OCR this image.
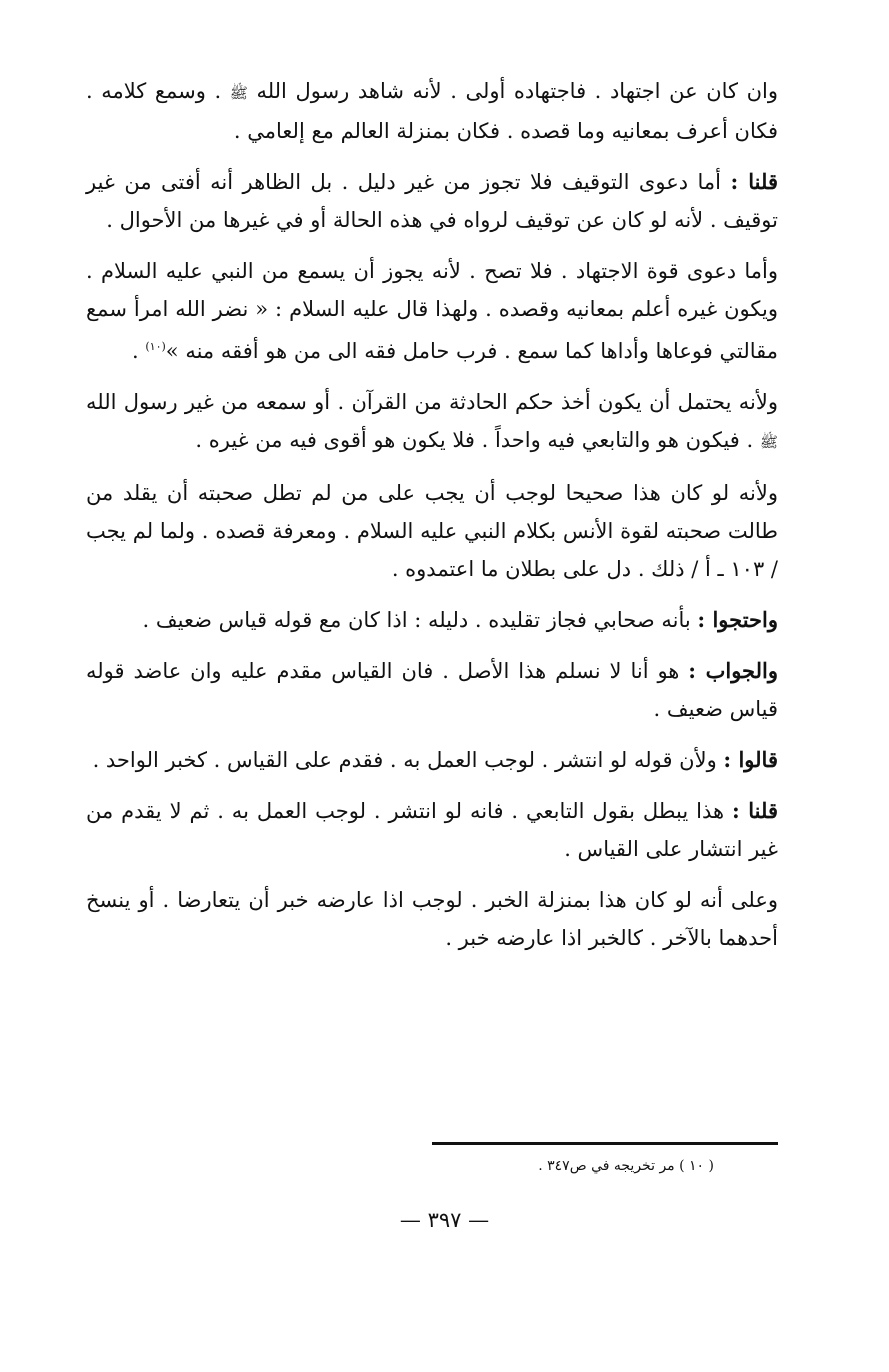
وان كان عن اجتهاد . فاجتهاده أولى . لأنه شاهد رسول الله ﷺ . وسمع كلامه . فكان أعرف بمعانيه وما قصده . فكان بمنزلة العالم مع إلعامي .

قلنا : أما دعوى التوقيف فلا تجوز من غير دليل . بل الظاهر أنه أفتى من غير توقيف . لأنه لو كان عن توقيف لرواه في هذه الحالة أو في غيرها من الأحوال .

وأما دعوى قوة الاجتهاد . فلا تصح . لأنه يجوز أن يسمع من النبي عليه السلام . ويكون غيره أعلم بمعانيه وقصده . ولهذا قال عليه السلام : « نضر الله امرأ سمع مقالتي فوعاها وأداها كما سمع . فرب حامل فقه الى من هو أفقه منه »$^{(١٠)}$ .

ولأنه يحتمل أن يكون أخذ حكم الحادثة من القرآن . أو سمعه من غير رسول الله ﷺ . فيكون هو والتابعي فيه واحداً . فلا يكون هو أقوى فيه من غيره .

ولأنه لو كان هذا صحيحا لوجب أن يجب على من لم تطل صحبته أن يقلد من طالت صحبته لقوة الأنس بكلام النبي عليه السلام . ومعرفة قصده . ولما لم يجب / ١٠٣ ـ أ / ذلك . دل على بطلان ما اعتمدوه .

واحتجوا : بأنه صحابي فجاز تقليده . دليله : اذا كان مع قوله قياس ضعيف .

والجواب : هو أنا لا نسلم هذا الأصل . فان القياس مقدم عليه وان عاضد قوله قياس ضعيف .

قالوا : ولأن قوله لو انتشر . لوجب العمل به . فقدم على القياس . كخبر الواحد .

قلنا : هذا يبطل بقول التابعي . فانه لو انتشر . لوجب العمل به . ثم لا يقدم من غير انتشار على القياس .

وعلى أنه لو كان هذا بمنزلة الخبر . لوجب اذا عارضه خبر أن يتعارضا . أو ينسخ أحدهما بالآخر . كالخبر اذا عارضه خبر .

( ١٠ ) مر تخريجه في ص٣٤٧ .
— ٣٩٧ —
